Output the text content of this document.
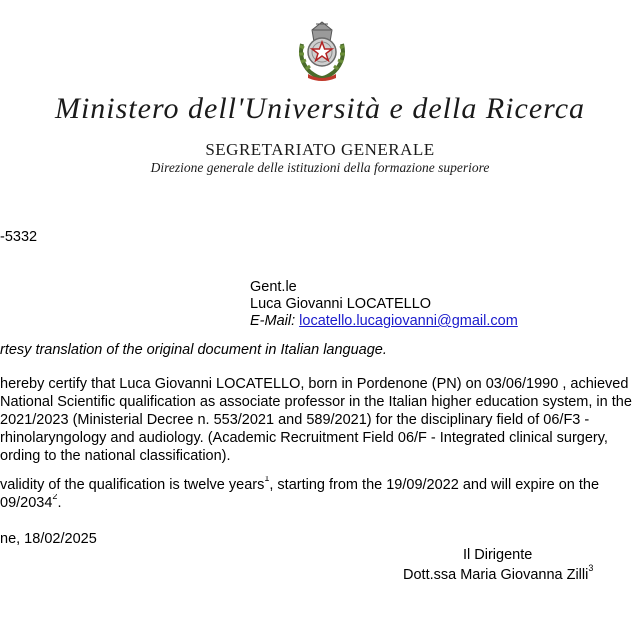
Ministero dell'Università e della Ricerca
SEGRETARIATO GENERALE
Direzione generale delle istituzioni della formazione superiore
-5332
Gent.le
Luca Giovanni LOCATELLO
E-Mail: locatello.lucagiovanni@gmail.com
rtesy translation of the original document in Italian language.
hereby certify that Luca Giovanni LOCATELLO, born in Pordenone (PN) on 03/06/1990 , achieved
National Scientific qualification as associate professor in the Italian higher education system, in the
2021/2023 (Ministerial Decree n. 553/2021 and 589/2021) for the disciplinary field of 06/F3 -
rhinolaryngology and audiology. (Academic Recruitment Field 06/F - Integrated clinical surgery,
ording to the national classification).
validity of the qualification is twelve years$^1$, starting from the 19/09/2022 and will expire on the
09/2034$^2$.
ne, 18/02/2025
Il Dirigente
Dott.ssa Maria Giovanna Zilli$^3$
